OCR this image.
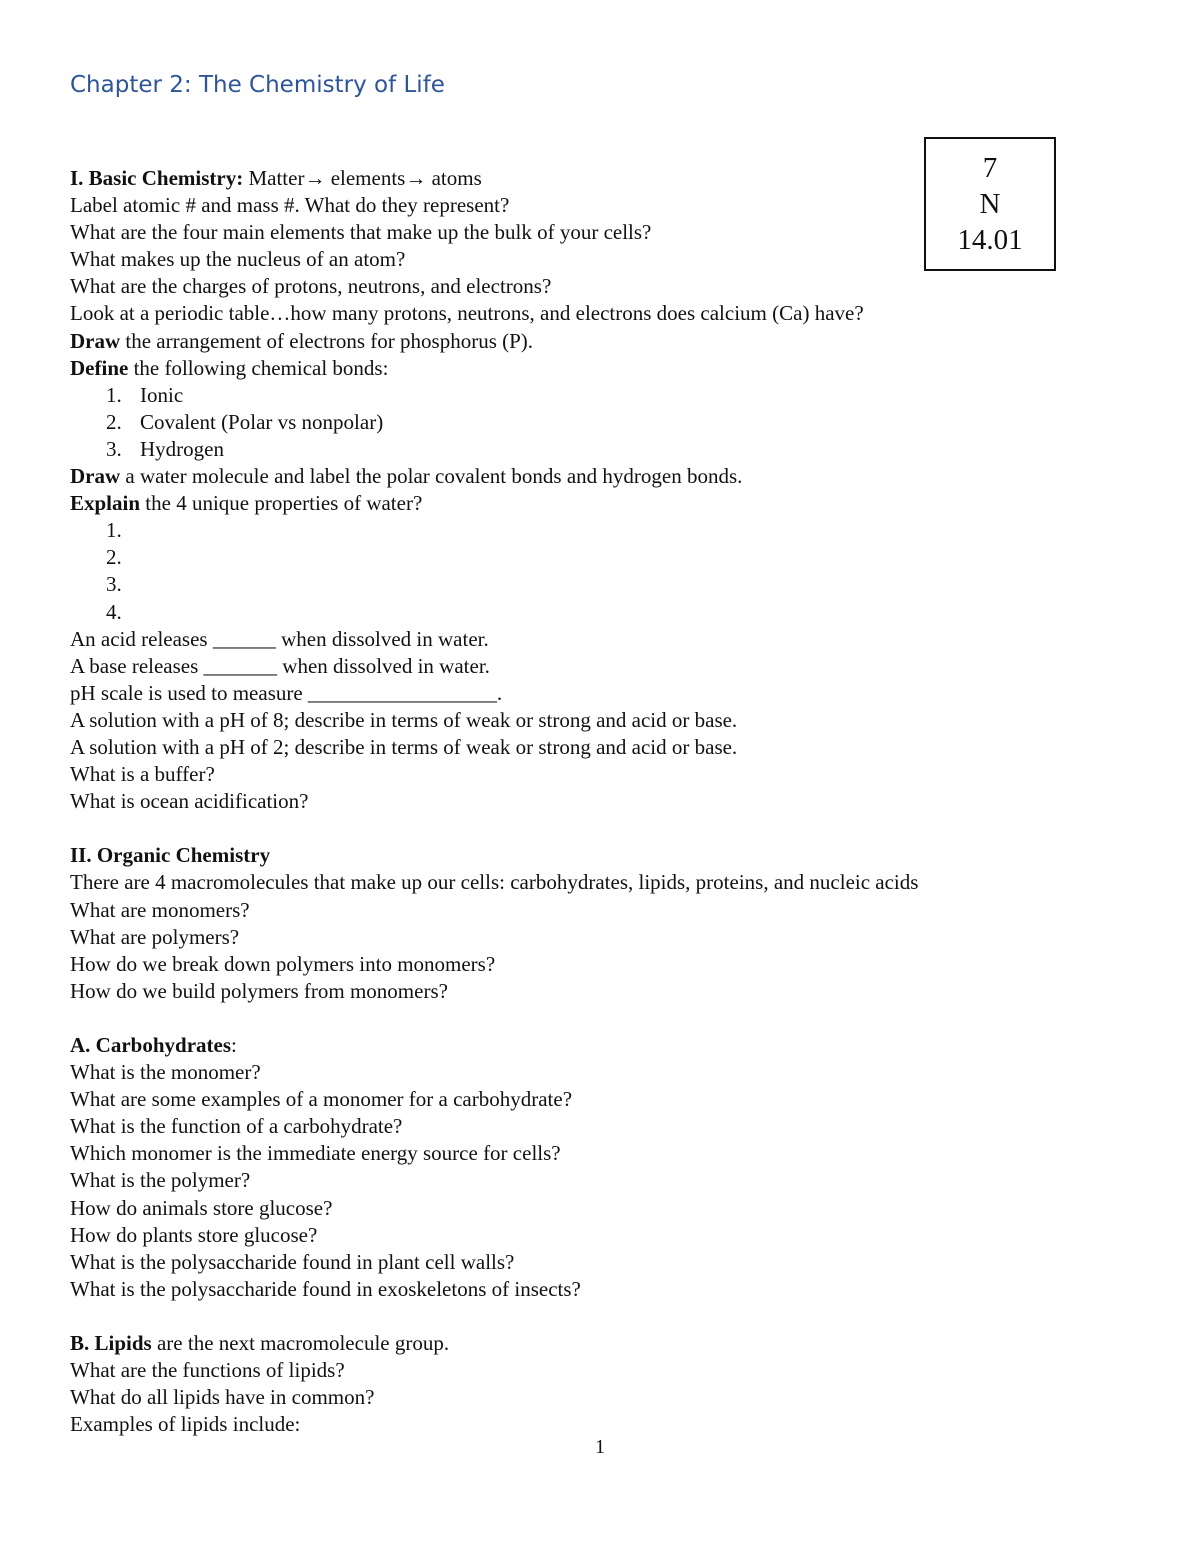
Chapter 2: The Chemistry of Life
7
N
14.01
I. Basic Chemistry: Matter→ elements→ atoms
Label atomic # and mass #. What do they represent?
What are the four main elements that make up the bulk of your cells?
What makes up the nucleus of an atom?
What are the charges of protons, neutrons, and electrons?
Look at a periodic table…how many protons, neutrons, and electrons does calcium (Ca) have?
Draw the arrangement of electrons for phosphorus (P).
Define the following chemical bonds:
1. Ionic
2. Covalent (Polar vs nonpolar)
3. Hydrogen
Draw a water molecule and label the polar covalent bonds and hydrogen bonds.
Explain the 4 unique properties of water?
1.
2.
3.
4.
An acid releases ______ when dissolved in water.
A base releases _______ when dissolved in water.
pH scale is used to measure __________________.
A solution with a pH of 8; describe in terms of weak or strong and acid or base.
A solution with a pH of 2; describe in terms of weak or strong and acid or base.
What is a buffer?
What is ocean acidification?
II. Organic Chemistry
There are 4 macromolecules that make up our cells: carbohydrates, lipids, proteins, and nucleic acids
What are monomers?
What are polymers?
How do we break down polymers into monomers?
How do we build polymers from monomers?
A. Carbohydrates:
What is the monomer?
What are some examples of a monomer for a carbohydrate?
What is the function of a carbohydrate?
Which monomer is the immediate energy source for cells?
What is the polymer?
How do animals store glucose?
How do plants store glucose?
What is the polysaccharide found in plant cell walls?
What is the polysaccharide found in exoskeletons of insects?
B. Lipids are the next macromolecule group.
What are the functions of lipids?
What do all lipids have in common?
Examples of lipids include:
1
